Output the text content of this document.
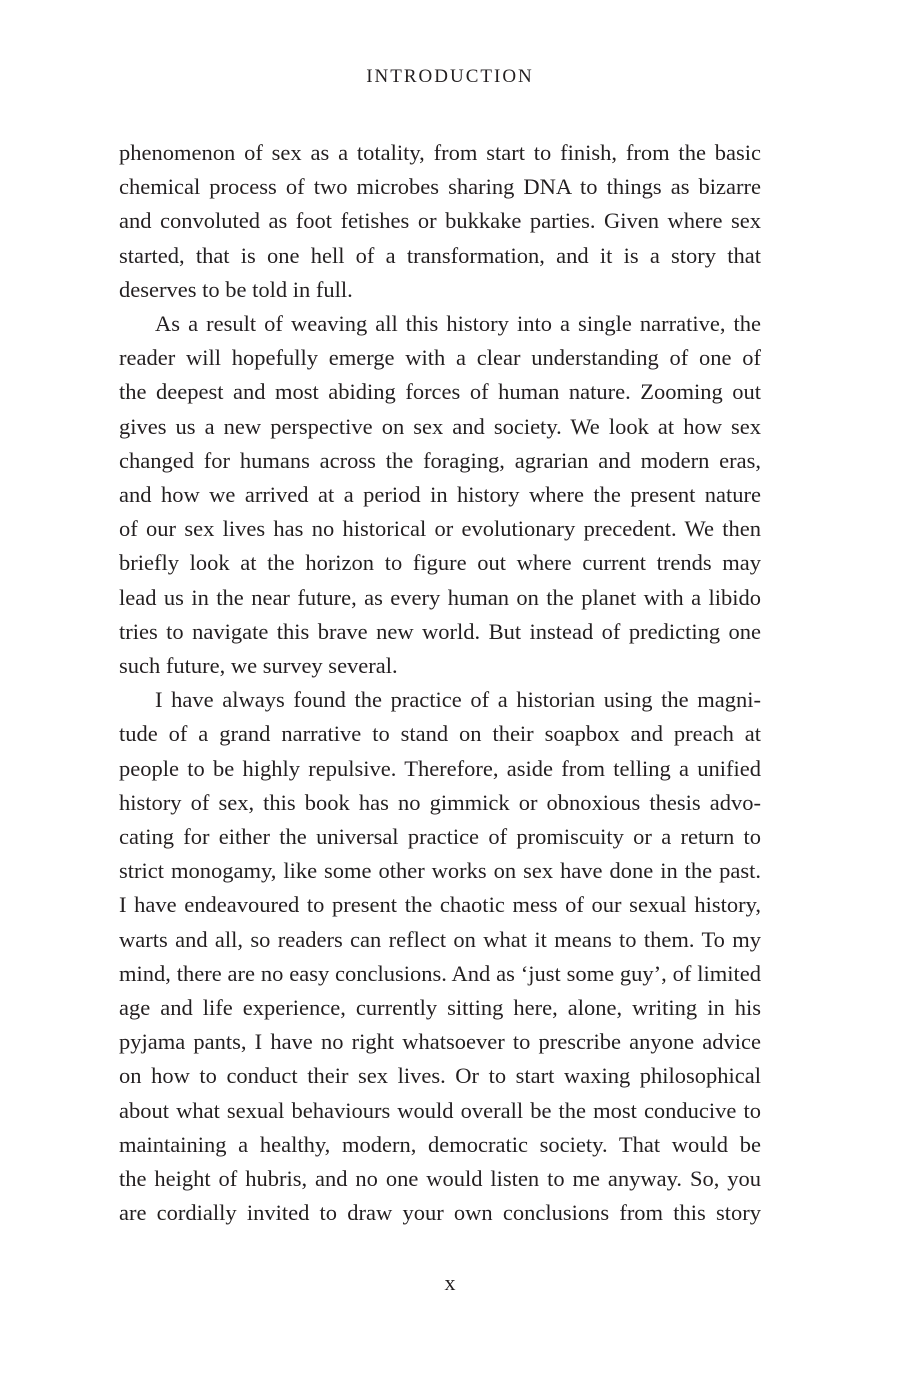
INTRODUCTION
phenomenon of sex as a totality, from start to finish, from the basic
chemical process of two microbes sharing DNA to things as bizarre
and convoluted as foot fetishes or bukkake parties. Given where sex
started, that is one hell of a transformation, and it is a story that
deserves to be told in full.
As a result of weaving all this history into a single narrative, the
reader will hopefully emerge with a clear understanding of one of
the deepest and most abiding forces of human nature. Zooming out
gives us a new perspective on sex and society. We look at how sex
changed for humans across the foraging, agrarian and modern eras,
and how we arrived at a period in history where the present nature
of our sex lives has no historical or evolutionary precedent. We then
briefly look at the horizon to figure out where current trends may
lead us in the near future, as every human on the planet with a libido
tries to navigate this brave new world. But instead of predicting one
such future, we survey several.
I have always found the practice of a historian using the magni-
tude of a grand narrative to stand on their soapbox and preach at
people to be highly repulsive. Therefore, aside from telling a unified
history of sex, this book has no gimmick or obnoxious thesis advo-
cating for either the universal practice of promiscuity or a return to
strict monogamy, like some other works on sex have done in the past.
I have endeavoured to present the chaotic mess of our sexual history,
warts and all, so readers can reflect on what it means to them. To my
mind, there are no easy conclusions. And as ‘just some guy’, of limited
age and life experience, currently sitting here, alone, writing in his
pyjama pants, I have no right whatsoever to prescribe anyone advice
on how to conduct their sex lives. Or to start waxing philosophical
about what sexual behaviours would overall be the most conducive to
maintaining a healthy, modern, democratic society. That would be
the height of hubris, and no one would listen to me anyway. So, you
are cordially invited to draw your own conclusions from this story
x
